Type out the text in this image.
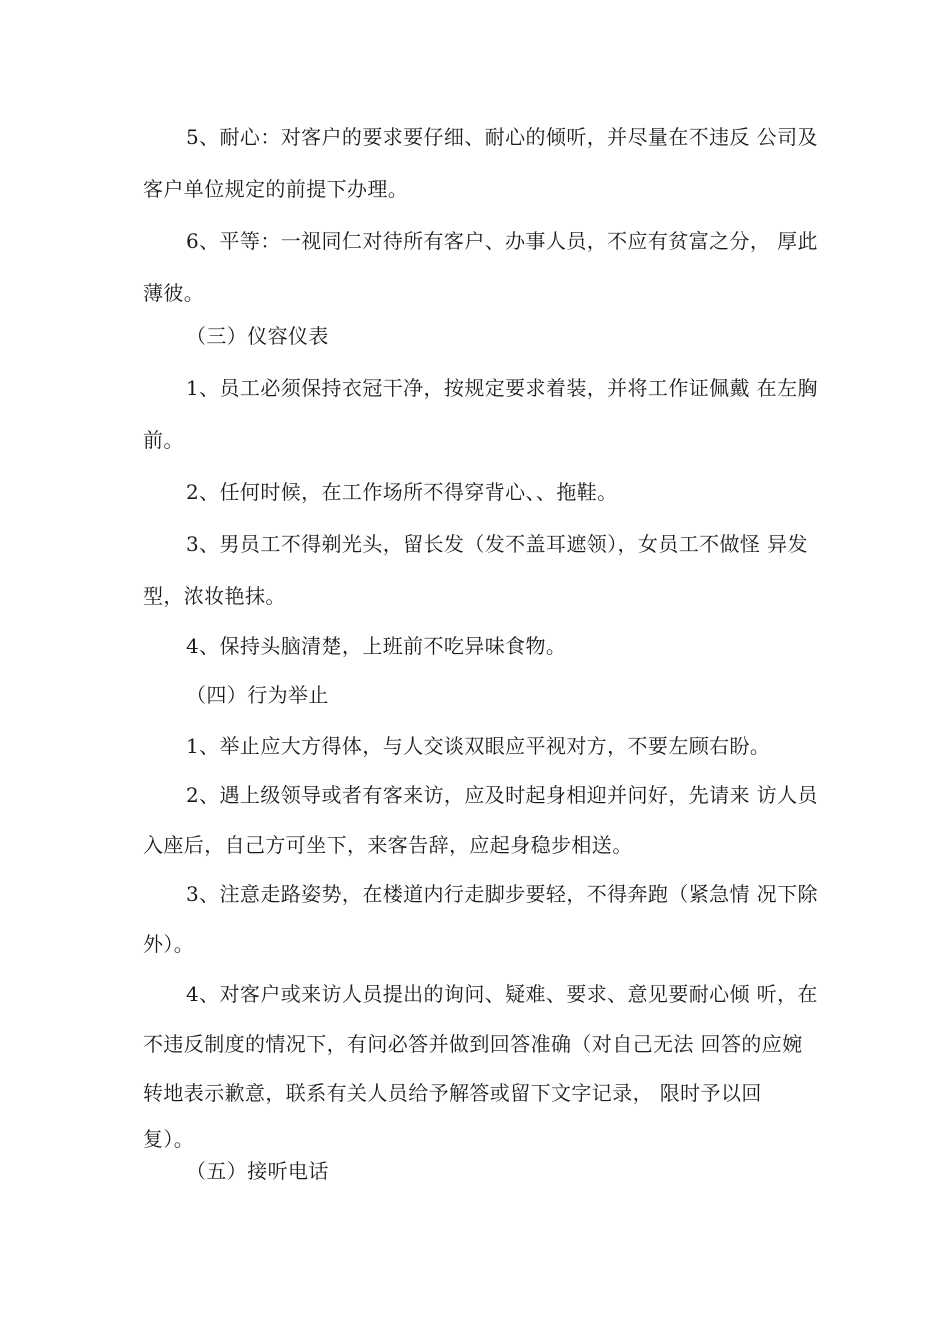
5、耐心：对客户的要求要仔细、耐心的倾听，并尽量在不违反 公司及
客户单位规定的前提下办理。
6、平等：一视同仁对待所有客户、办事人员，不应有贫富之分， 厚此
薄彼。
（三）仪容仪表
1、员工必须保持衣冠干净，按规定要求着装，并将工作证佩戴 在左胸
前。
2、任何时候，在工作场所不得穿背心、、拖鞋。
3、男员工不得剃光头，留长发（发不盖耳遮领），女员工不做怪 异发
型，浓妆艳抹。
4、保持头脑清楚，上班前不吃异味食物。
（四）行为举止
1、举止应大方得体，与人交谈双眼应平视对方，不要左顾右盼。
2、遇上级领导或者有客来访，应及时起身相迎并问好，先请来 访人员
入座后，自己方可坐下，来客告辞，应起身稳步相送。
3、注意走路姿势，在楼道内行走脚步要轻，不得奔跑（紧急情 况下除
外）。
4、对客户或来访人员提出的询问、疑难、要求、意见要耐心倾 听，在
不违反制度的情况下，有问必答并做到回答准确（对自己无法 回答的应婉
转地表示歉意，联系有关人员给予解答或留下文字记录， 限时予以回
复）。
（五）接听电话
